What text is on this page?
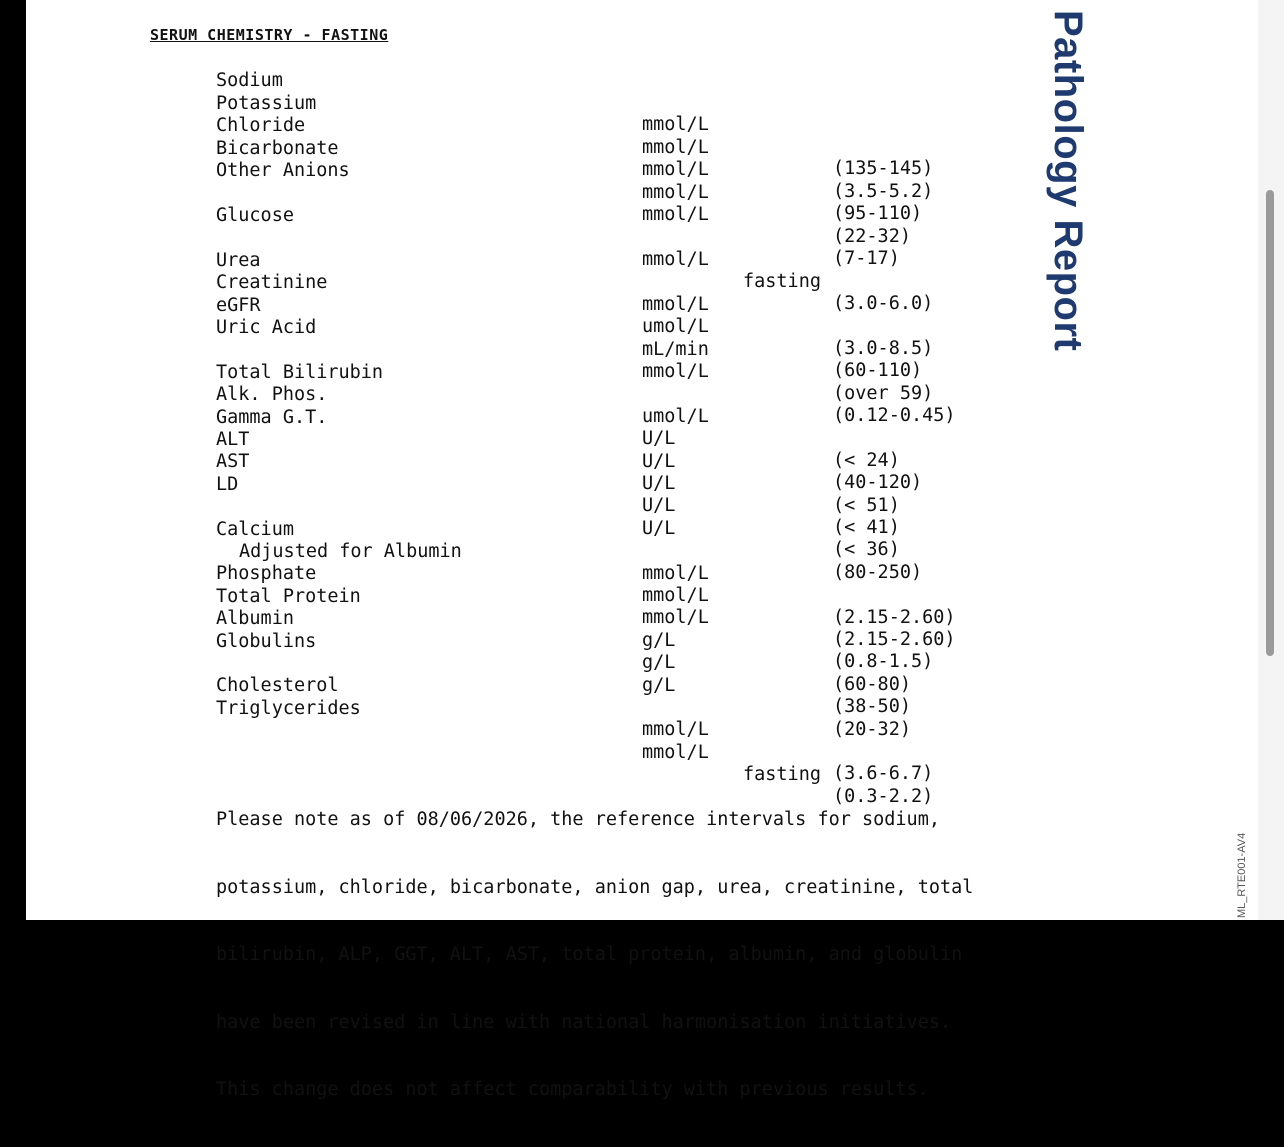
SERUM CHEMISTRY - FASTING

Sodium

mmol/L

(135-145)

Potassium

mmol/L

(3.5-5.2)

Chloride

mmol/L

(95-110)

Bicarbonate

mmol/L

(22-32)

Other Anions

mmol/L

(7-17)

Glucose

mmol/L

fasting

(3.0-6.0)

Urea

mmol/L

(3.0-8.5)

Creatinine

umol/L

(60-110)

eGFR

mL/min

(over 59)

Uric Acid

mmol/L

(0.12-0.45)

Total Bilirubin

umol/L

(< 24)

Alk. Phos.

U/L

(40-120)

Gamma G.T.

U/L

(< 51)

ALT

U/L

(< 41)

AST

U/L

(< 36)

LD

U/L

(80-250)

Calcium

mmol/L

(2.15-2.60)

Adjusted for Albumin

mmol/L

(2.15-2.60)

Phosphate

mmol/L

(0.8-1.5)

Total Protein

g/L

(60-80)

Albumin

g/L

(38-50)

Globulins

g/L

(20-32)

Cholesterol

mmol/L

(3.6-6.7)

Triglycerides

mmol/L

fasting

(0.3-2.2)

Please note as of 08/06/2026, the reference intervals for sodium,

potassium, chloride, bicarbonate, anion gap, urea, creatinine, total

bilirubin, ALP, GGT, ALT, AST, total protein, albumin, and globulin

have been revised in line with national harmonisation initiatives.

This change does not affect comparability with previous results.

Pathology Report
ML_RTE001-AV4
